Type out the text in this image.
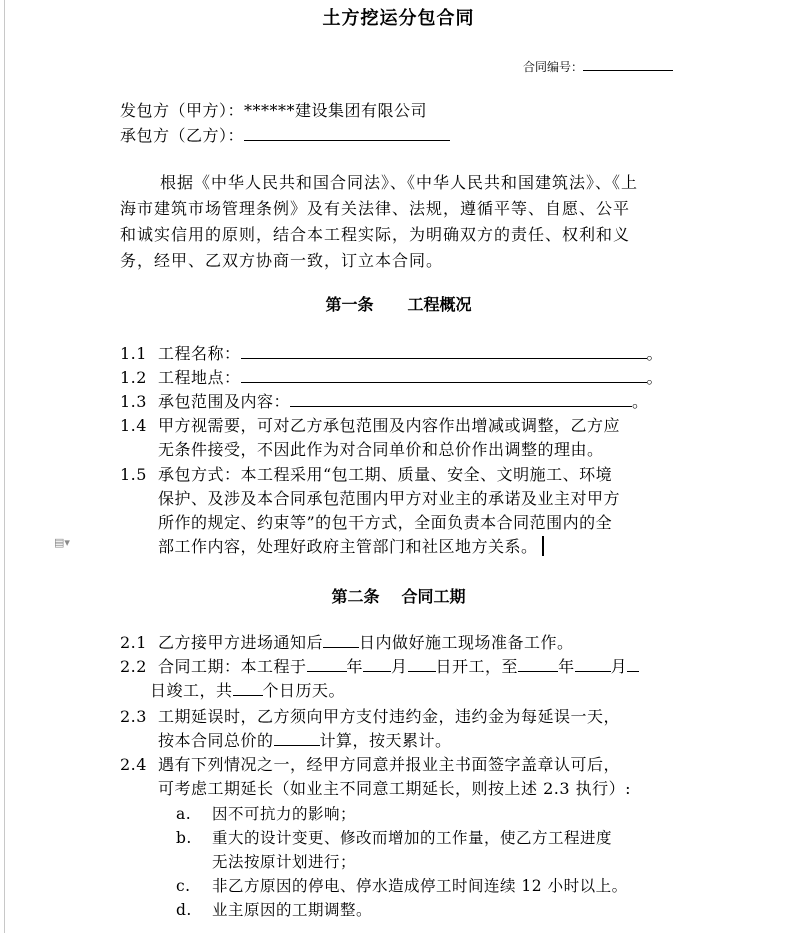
土方挖运分包合同
合同编号：
发包方（甲方）：******建设集团有限公司
承包方（乙方）：
根据《中华人民共和国合同法》、《中华人民共和国建筑法》、《上
海市建筑市场管理条例》及有关法律、法规，遵循平等、自愿、公平
和诚实信用的原则，结合本工程实际，为明确双方的责任、权利和义
务，经甲、乙双方协商一致，订立本合同。
第一条 工程概况
1.1 工程名称：	。
1.2 工程地点：	。
1.3 承包范围及内容：	。
1.4 甲方视需要，可对乙方承包范围及内容作出增减或调整，乙方应
无条件接受，不因此作为对合同单价和总价作出调整的理由。
1.5 承包方式：本工程采用“包工期、质量、安全、文明施工、环境
保护、及涉及本合同承包范围内甲方对业主的承诺及业主对甲方
所作的规定、约束等”的包干方式，全面负责本合同范围内的全
部工作内容，处理好政府主管部门和社区地方关系。
▤▾
第二条 合同工期
2.1 乙方接甲方进场通知后 日内做好施工现场准备工作。
2.2 合同工期：本工程于	年 月 日开工，至	年 月
日竣工，共 个日历天。
2.3 工期延误时，乙方须向甲方支付违约金，违约金为每延误一天，
按本合同总价的	计算，按天累计。
2.4 遇有下列情况之一，经甲方同意并报业主书面签字盖章认可后，
可考虑工期延长（如业主不同意工期延长，则按上述 2.3 执行）:
a. 因不可抗力的影响；
b. 重大的设计变更、修改而增加的工作量，使乙方工程进度
无法按原计划进行；
c. 非乙方原因的停电、停水造成停工时间连续 12 小时以上。
d. 业主原因的工期调整。
